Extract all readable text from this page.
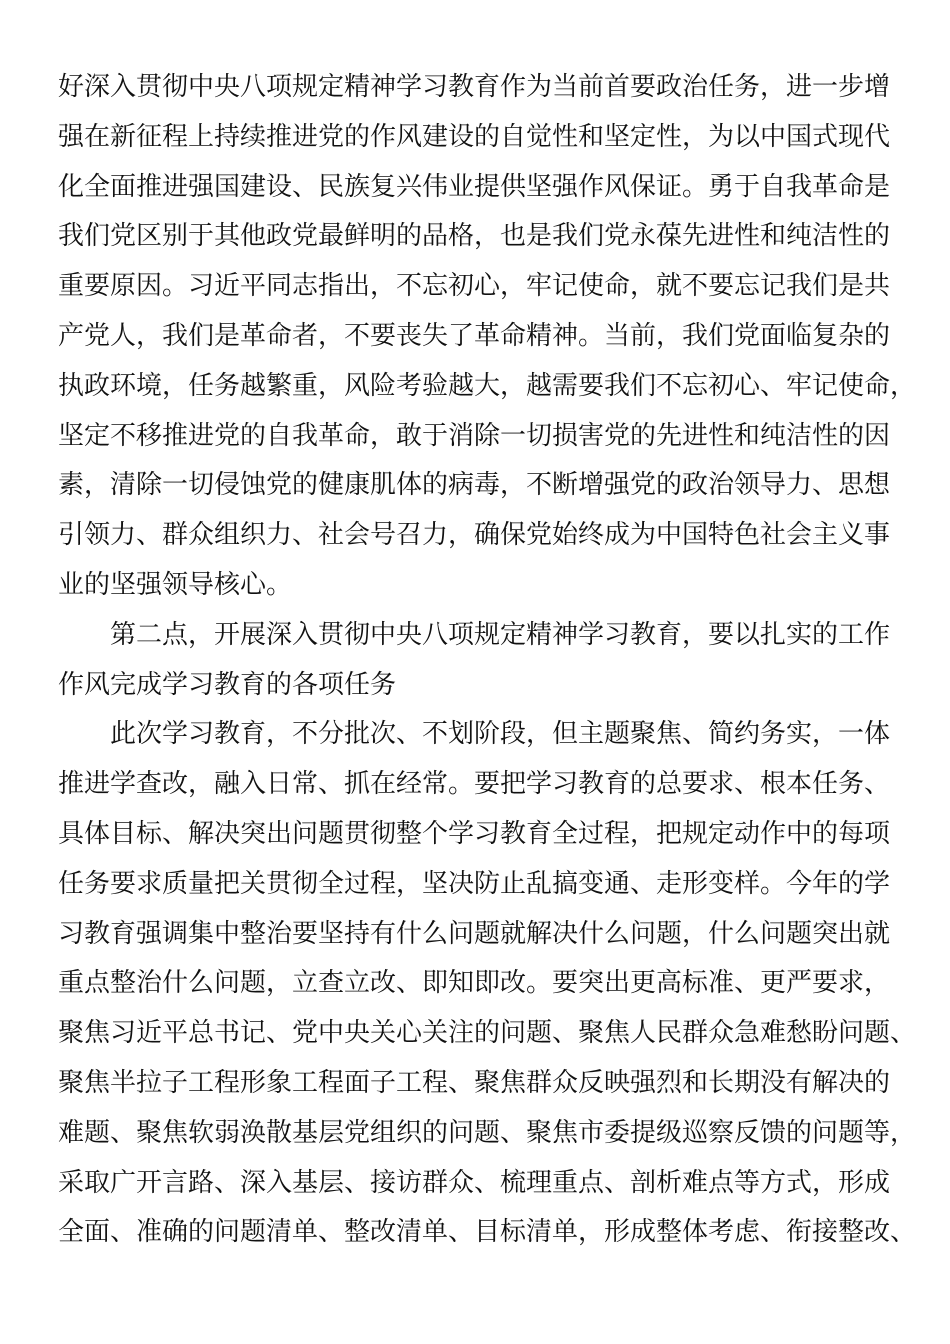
好深入贯彻中央八项规定精神学习教育作为当前首要政治任务，进一步增
强在新征程上持续推进党的作风建设的自觉性和坚定性，为以中国式现代
化全面推进强国建设、民族复兴伟业提供坚强作风保证。勇于自我革命是
我们党区别于其他政党最鲜明的品格，也是我们党永葆先进性和纯洁性的
重要原因。习近平同志指出，不忘初心，牢记使命，就不要忘记我们是共
产党人，我们是革命者，不要丧失了革命精神。当前，我们党面临复杂的
执政环境，任务越繁重，风险考验越大，越需要我们不忘初心、牢记使命，
坚定不移推进党的自我革命，敢于消除一切损害党的先进性和纯洁性的因
素，清除一切侵蚀党的健康肌体的病毒，不断增强党的政治领导力、思想
引领力、群众组织力、社会号召力，确保党始终成为中国特色社会主义事
业的坚强领导核心。
第二点，开展深入贯彻中央八项规定精神学习教育，要以扎实的工作
作风完成学习教育的各项任务
此次学习教育，不分批次、不划阶段，但主题聚焦、简约务实，一体
推进学查改，融入日常、抓在经常。要把学习教育的总要求、根本任务、
具体目标、解决突出问题贯彻整个学习教育全过程，把规定动作中的每项
任务要求质量把关贯彻全过程，坚决防止乱搞变通、走形变样。今年的学
习教育强调集中整治要坚持有什么问题就解决什么问题，什么问题突出就
重点整治什么问题，立查立改、即知即改。要突出更高标准、更严要求，
聚焦习近平总书记、党中央关心关注的问题、聚焦人民群众急难愁盼问题、
聚焦半拉子工程形象工程面子工程、聚焦群众反映强烈和长期没有解决的
难题、聚焦软弱涣散基层党组织的问题、聚焦市委提级巡察反馈的问题等，
采取广开言路、深入基层、接访群众、梳理重点、剖析难点等方式，形成
全面、准确的问题清单、整改清单、目标清单，形成整体考虑、衔接整改、
